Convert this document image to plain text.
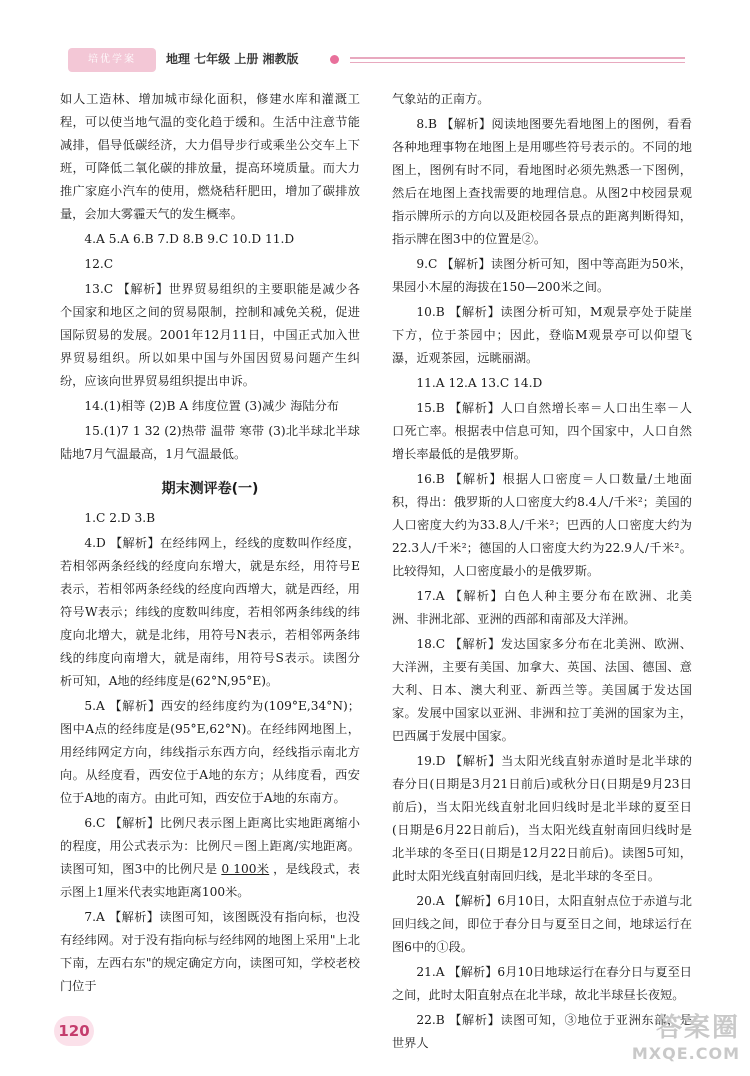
培优学案	地理 七年级 上册 湘教版

如人工造林、增加城市绿化面积，修建水库和灌溉工程，可以使当地气温的变化趋于缓和。生活中注意节能减排，倡导低碳经济，大力倡导步行或乘坐公交车上下班，可降低二氧化碳的排放量，提高环境质量。而大力推广家庭小汽车的使用，燃烧秸秆肥田，增加了碳排放量，会加大雾霾天气的发生概率。

4.A 5.A 6.B 7.D 8.B 9.C 10.D 11.D

12.C

13.C 【解析】世界贸易组织的主要职能是减少各个国家和地区之间的贸易限制，控制和减免关税，促进国际贸易的发展。2001年12月11日，中国正式加入世界贸易组织。所以如果中国与外国因贸易问题产生纠纷，应该向世界贸易组织提出申诉。

14.(1)相等 (2)B A 纬度位置 (3)减少 海陆分布

15.(1)7 1 32 (2)热带 温带 寒带 (3)北半球北半球陆地7月气温最高，1月气温最低。

期末测评卷(一)

1.C 2.D 3.B

4.D 【解析】在经纬网上，经线的度数叫作经度，若相邻两条经线的经度向东增大，就是东经，用符号E表示，若相邻两条经线的经度向西增大，就是西经，用符号W表示；纬线的度数叫纬度，若相邻两条纬线的纬度向北增大，就是北纬，用符号N表示，若相邻两条纬线的纬度向南增大，就是南纬，用符号S表示。读图分析可知，A地的经纬度是(62°N,95°E)。

5.A 【解析】西安的经纬度约为(109°E,34°N)；图中A点的经纬度是(95°E,62°N)。在经纬网地图上，用经纬网定方向，纬线指示东西方向，经线指示南北方向。从经度看，西安位于A地的东方；从纬度看，西安位于A地的南方。由此可知，西安位于A地的东南方。

6.C 【解析】比例尺表示图上距离比实地距离缩小的程度，用公式表示为：比例尺＝图上距离/实地距离。读图可知，图3中的比例尺是 0 100米 ，是线段式，表示图上1厘米代表实地距离100米。

7.A 【解析】读图可知，该图既没有指向标，也没有经纬网。对于没有指向标与经纬网的地图上采用"上北下南，左西右东"的规定确定方向，读图可知，学校老校门位于

气象站的正南方。

8.B 【解析】阅读地图要先看地图上的图例，看看各种地理事物在地图上是用哪些符号表示的。不同的地图上，图例有时不同，看地图时必须先熟悉一下图例，然后在地图上查找需要的地理信息。从图2中校园景观指示牌所示的方向以及距校园各景点的距离判断得知，指示牌在图3中的位置是②。

9.C 【解析】读图分析可知，图中等高距为50米，果园小木屋的海拔在150—200米之间。

10.B 【解析】读图分析可知，M观景亭处于陡崖下方，位于茶园中；因此，登临M观景亭可以仰望飞瀑，近观茶园，远眺丽湖。

11.A 12.A 13.C 14.D

15.B 【解析】人口自然增长率＝人口出生率－人口死亡率。根据表中信息可知，四个国家中，人口自然增长率最低的是俄罗斯。

16.B 【解析】根据人口密度＝人口数量/土地面积，得出：俄罗斯的人口密度大约8.4人/千米²；美国的人口密度大约为33.8人/千米²；巴西的人口密度大约为22.3人/千米²；德国的人口密度大约为22.9人/千米²。比较得知，人口密度最小的是俄罗斯。

17.A 【解析】白色人种主要分布在欧洲、北美洲、非洲北部、亚洲的西部和南部及大洋洲。

18.C 【解析】发达国家多分布在北美洲、欧洲、大洋洲，主要有美国、加拿大、英国、法国、德国、意大利、日本、澳大利亚、新西兰等。美国属于发达国家。发展中国家以亚洲、非洲和拉丁美洲的国家为主，巴西属于发展中国家。

19.D 【解析】当太阳光线直射赤道时是北半球的春分日(日期是3月21日前后)或秋分日(日期是9月23日前后)，当太阳光线直射北回归线时是北半球的夏至日(日期是6月22日前后)，当太阳光线直射南回归线时是北半球的冬至日(日期是12月22日前后)。读图5可知，此时太阳光线直射南回归线，是北半球的冬至日。

20.A 【解析】6月10日，太阳直射点位于赤道与北回归线之间，即位于春分日与夏至日之间，地球运行在图6中的①段。

21.A 【解析】6月10日地球运行在春分日与夏至日之间，此时太阳直射点在北半球，故北半球昼长夜短。

22.B 【解析】读图可知，③地位于亚洲东部，是世界人

120	答案圈
MXQE.COM
